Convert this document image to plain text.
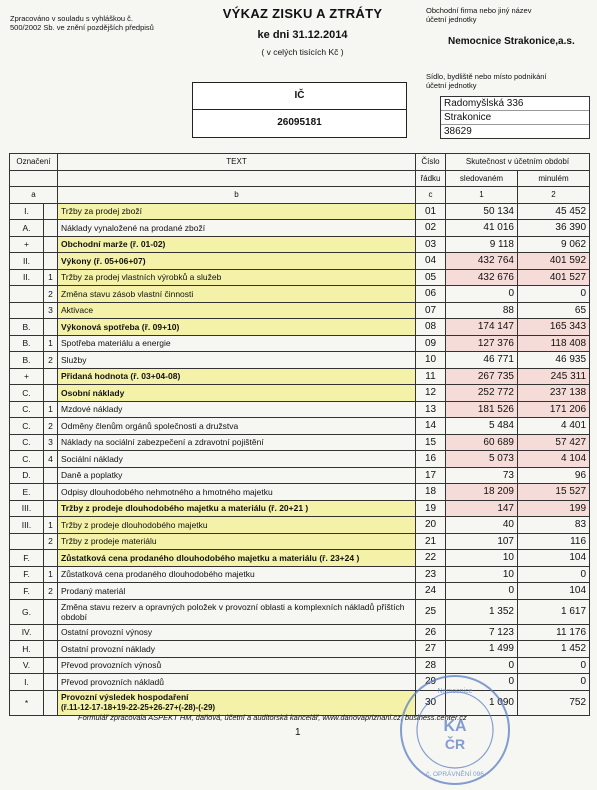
Zpracováno v souladu s vyhláškou č.
500/2002 Sb. ve znění pozdějších předpisů
VÝKAZ ZISKU A ZTRÁTY
ke dni 31.12.2014
( v celých tisících Kč )
Obchodní firma nebo jiný název
účetní jednotky
Nemocnice Strakonice,a.s.
Sídlo, bydliště nebo místo podnikání
účetní jednotky
Radomyšlská 336
Strakonice
38629
IČ
26095181
Označení		TEXT	Číslo	Skutečnost v účetním období	
			řádku	sledovaném	minulém
a		b	c	1	2
I.		Tržby za prodej zboží	01	50 134	45 452
A.		Náklady vynaložené na prodané zboží	02	41 016	36 390
+		Obchodní marže (ř. 01-02)	03	9 118	9 062
II.		Výkony (ř. 05+06+07)	04	432 764	401 592
II.	1	Tržby za prodej vlastních výrobků a služeb	05	432 676	401 527
	2	Změna stavu zásob vlastní činnosti	06	0	0
	3	Aktivace	07	88	65
B.		Výkonová spotřeba (ř. 09+10)	08	174 147	165 343
B.	1	Spotřeba materiálu a energie	09	127 376	118 408
B.	2	Služby	10	46 771	46 935
+		Přidaná hodnota (ř. 03+04-08)	11	267 735	245 311
C.		Osobní náklady	12	252 772	237 138
C.	1	Mzdové náklady	13	181 526	171 206
C.	2	Odměny členům orgánů společnosti a družstva	14	5 484	4 401
C.	3	Náklady na sociální zabezpečení a zdravotní pojištění	15	60 689	57 427
C.	4	Sociální náklady	16	5 073	4 104
D.		Daně a poplatky	17	73	96
E.		Odpisy dlouhodobého nehmotného a hmotného majetku	18	18 209	15 527
III.		Tržby z prodeje dlouhodobého majetku a materiálu (ř. 20+21 )	19	147	199
III.	1	Tržby z prodeje dlouhodobého majetku	20	40	83
	2	Tržby z prodeje materiálu	21	107	116
F.		Zůstatková cena prodaného dlouhodobého majetku a materiálu (ř. 23+24 )	22	10	104
F.	1	Zůstatková cena prodaného dlouhodobého majetku	23	10	0
F.	2	Prodaný materiál	24	0	104
G.		Změna stavu rezerv a opravných položek v provozní oblasti a komplexních nákladů příštích období	25	1 352	1 617
IV.		Ostatní provozní výnosy	26	7 123	11 176
H.		Ostatní provozní náklady	27	1 499	1 452
V.		Převod provozních výnosů	28	0	0
I.		Převod provozních nákladů	29	0	0
*		Provozní výsledek hospodaření
(ř.11-12-17-18+19-22-25+26-27+(-28)-(-29)	30	1 090	752
Formulář zpracovala ASPEKT HM, daňová, účetní a auditorská kancelář, www.danovapriznani.cz, business.center.cz
1
Nemocnice
KA
ČR
č. OPRÁVNĚNÍ 096
